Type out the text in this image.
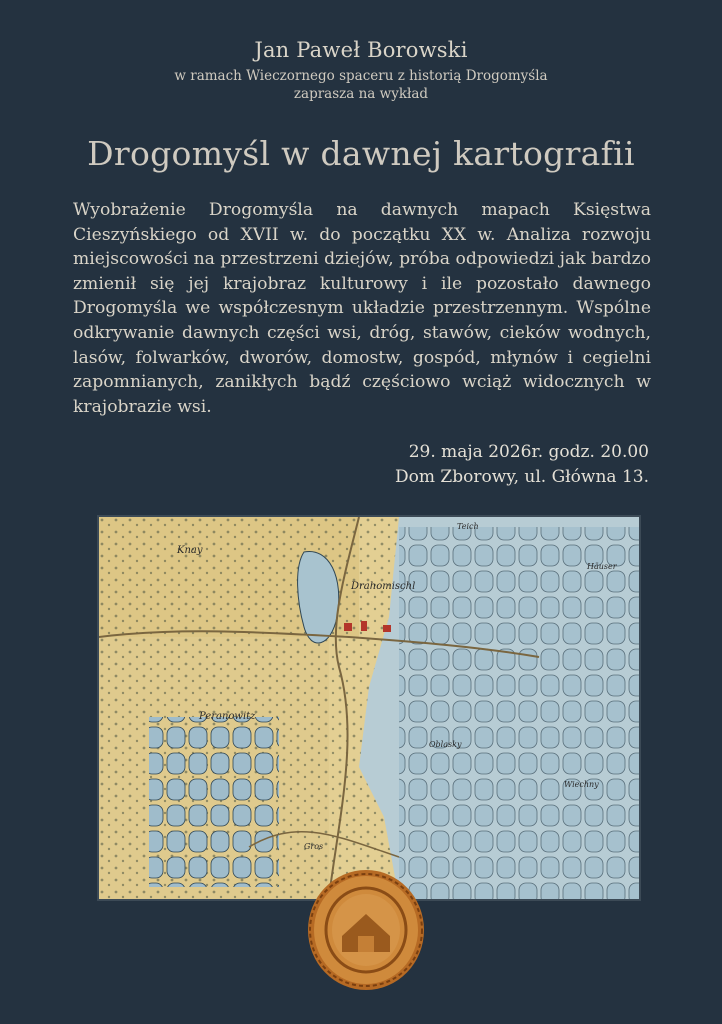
Jan Paweł Borowski
w ramach Wieczornego spaceru z historią Drogomyśla
zaprasza na wykład
Drogomyśl w dawnej kartografii
Wyobrażenie Drogomyśla na dawnych mapach Księstwa Cieszyńskiego od XVII w. do początku XX w. Analiza rozwoju miejscowości na przestrzeni dziejów, próba odpowiedzi jak bardzo zmienił się jej krajobraz kulturowy i ile pozostało dawnego Drogomyśla we współczesnym układzie przestrzennym. Wspólne odkrywanie dawnych części wsi, dróg, stawów, cieków wodnych, lasów, folwarków, dworów, domostw, gospód, młynów i cegielni zapomnianych, zanikłych bądź częściowo wciąż widocznych w krajobrazie wsi.
29. maja 2026r. godz. 20.00
Dom Zborowy, ul. Główna 13.
Drahomischl
Peranowitz
Knay
Oblasky
Wiechny
Gros
Teich
Häuser
